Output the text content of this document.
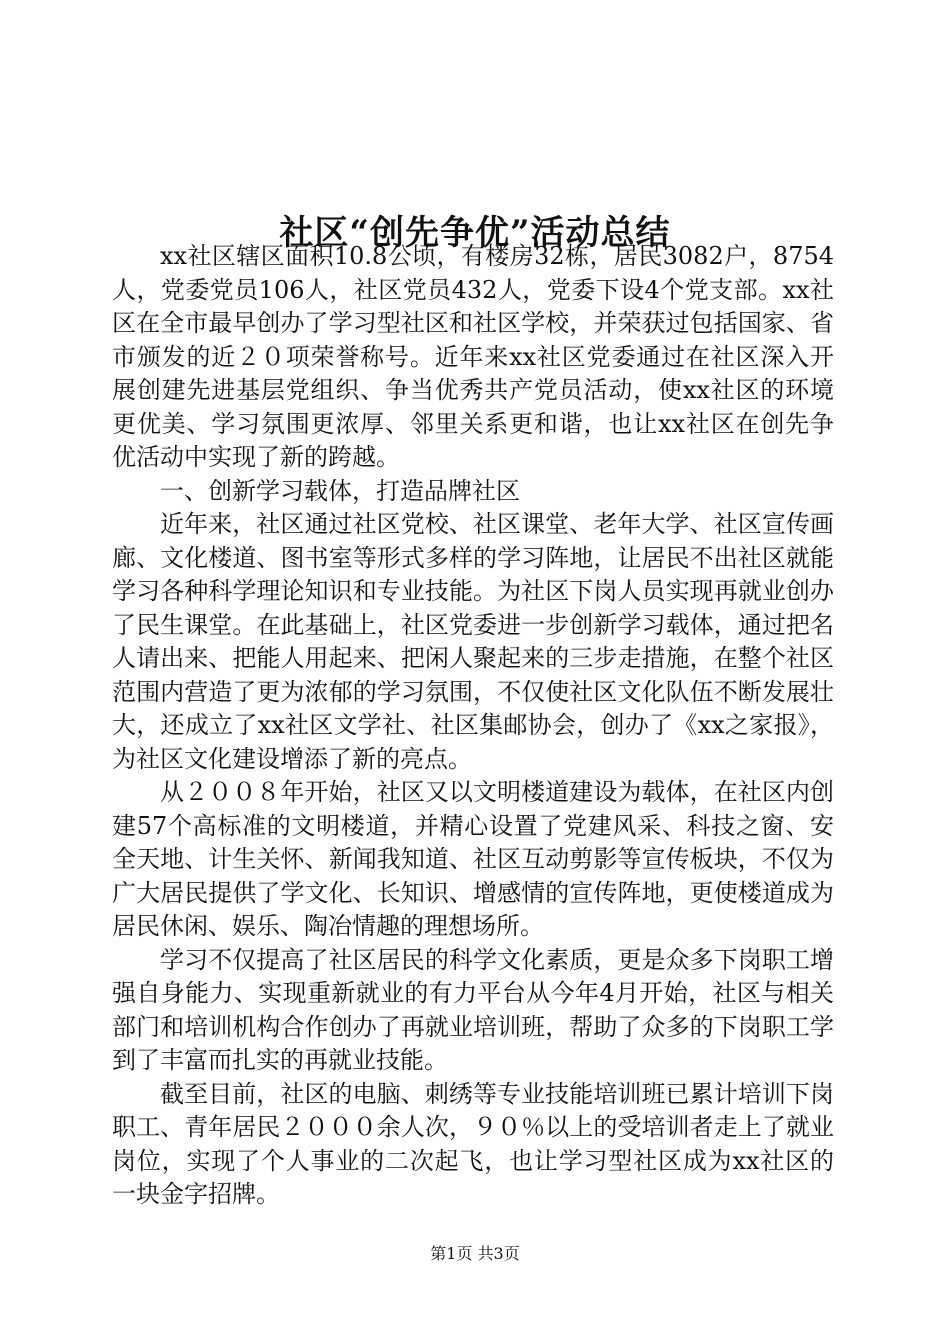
社区“创先争优”活动总结

xx社区辖区面积10.8公顷，有楼房32栋，居民3082户，8754人，党委党员106人，社区党员432人，党委下设4个党支部。xx社区在全市最早创办了学习型社区和社区学校，并荣获过包括国家、省市颁发的近２０项荣誉称号。近年来xx社区党委通过在社区深入开展创建先进基层党组织、争当优秀共产党员活动，使xx社区的环境更优美、学习氛围更浓厚、邻里关系更和谐，也让xx社区在创先争优活动中实现了新的跨越。

一、创新学习载体，打造品牌社区

近年来，社区通过社区党校、社区课堂、老年大学、社区宣传画廊、文化楼道、图书室等形式多样的学习阵地，让居民不出社区就能学习各种科学理论知识和专业技能。为社区下岗人员实现再就业创办了民生课堂。在此基础上，社区党委进一步创新学习载体，通过把名人请出来、把能人用起来、把闲人聚起来的三步走措施，在整个社区范围内营造了更为浓郁的学习氛围，不仅使社区文化队伍不断发展壮大，还成立了xx社区文学社、社区集邮协会，创办了《xx之家报》，为社区文化建设增添了新的亮点。

从２００８年开始，社区又以文明楼道建设为载体，在社区内创建57个高标准的文明楼道，并精心设置了党建风采、科技之窗、安全天地、计生关怀、新闻我知道、社区互动剪影等宣传板块，不仅为广大居民提供了学文化、长知识、增感情的宣传阵地，更使楼道成为居民休闲、娱乐、陶冶情趣的理想场所。

学习不仅提高了社区居民的科学文化素质，更是众多下岗职工增强自身能力、实现重新就业的有力平台从今年4月开始，社区与相关部门和培训机构合作创办了再就业培训班，帮助了众多的下岗职工学到了丰富而扎实的再就业技能。

截至目前，社区的电脑、刺绣等专业技能培训班已累计培训下岗职工、青年居民２０００余人次，９０％以上的受培训者走上了就业岗位，实现了个人事业的二次起飞，也让学习型社区成为xx社区的一块金字招牌。

第1页 共3页
